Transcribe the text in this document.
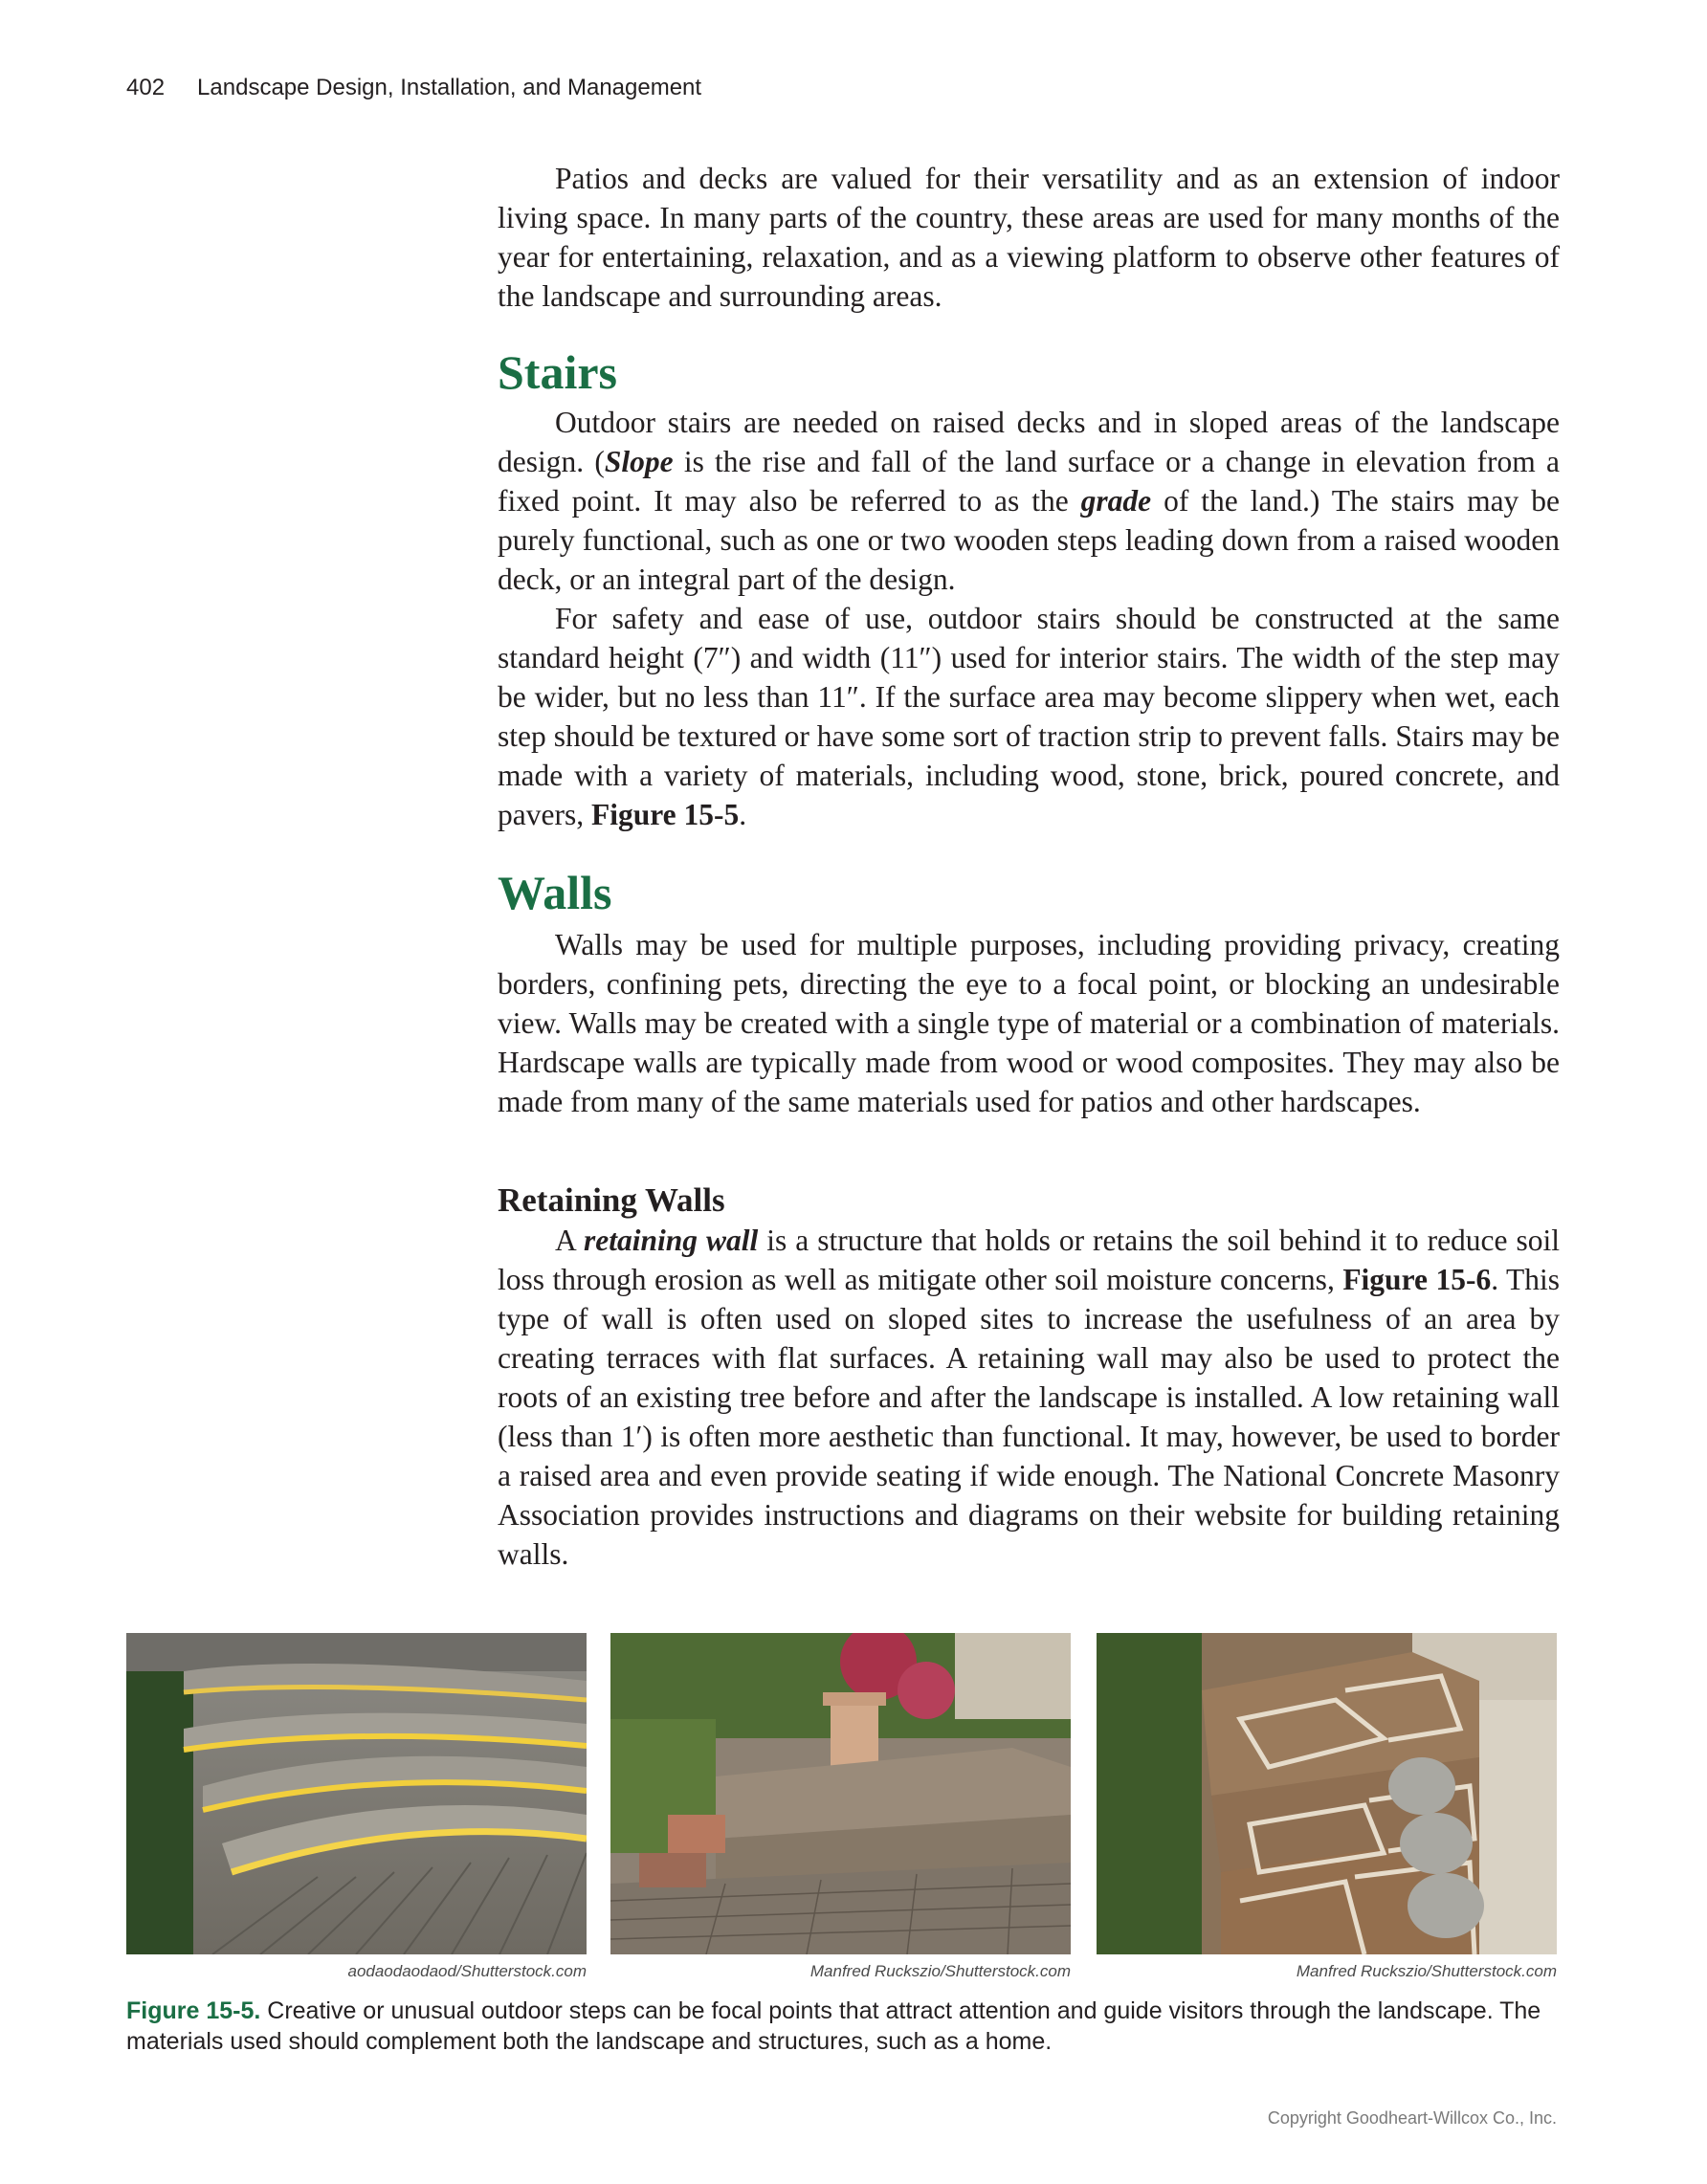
402 Landscape Design, Installation, and Management

Patios and decks are valued for their versatility and as an extension of indoor living space. In many parts of the country, these areas are used for many months of the year for entertaining, relaxation, and as a viewing platform to observe other features of the landscape and surrounding areas.

Stairs

Outdoor stairs are needed on raised decks and in sloped areas of the landscape design. (Slope is the rise and fall of the land surface or a change in elevation from a fixed point. It may also be referred to as the grade of the land.) The stairs may be purely functional, such as one or two wooden steps leading down from a raised wooden deck, or an integral part of the design.

For safety and ease of use, outdoor stairs should be constructed at the same standard height (7″) and width (11″) used for interior stairs. The width of the step may be wider, but no less than 11″. If the surface area may become slippery when wet, each step should be textured or have some sort of traction strip to prevent falls. Stairs may be made with a variety of materials, including wood, stone, brick, poured concrete, and pavers, Figure 15-5.

Walls

Walls may be used for multiple purposes, including providing privacy, creating borders, confining pets, directing the eye to a focal point, or blocking an undesirable view. Walls may be created with a single type of material or a combination of materials. Hardscape walls are typically made from wood or wood composites. They may also be made from many of the same materials used for patios and other hardscapes.

Retaining Walls

A retaining wall is a structure that holds or retains the soil behind it to reduce soil loss through erosion as well as mitigate other soil moisture concerns, Figure 15-6. This type of wall is often used on sloped sites to increase the usefulness of an area by creating terraces with flat surfaces. A retaining wall may also be used to protect the roots of an existing tree before and after the landscape is installed. A low retaining wall (less than 1′) is often more aesthetic than functional. It may, however, be used to border a raised area and even provide seating if wide enough. The National Concrete Masonry Association provides instructions and diagrams on their website for building retaining walls.

aodaodaodaod/Shutterstock.com	Manfred Ruckszio/Shutterstock.com	Manfred Ruckszio/Shutterstock.com
Figure 15-5. Creative or unusual outdoor steps can be focal points that attract attention and guide visitors through the landscape. The materials used should complement both the landscape and structures, such as a home.
Copyright Goodheart-Willcox Co., Inc.
